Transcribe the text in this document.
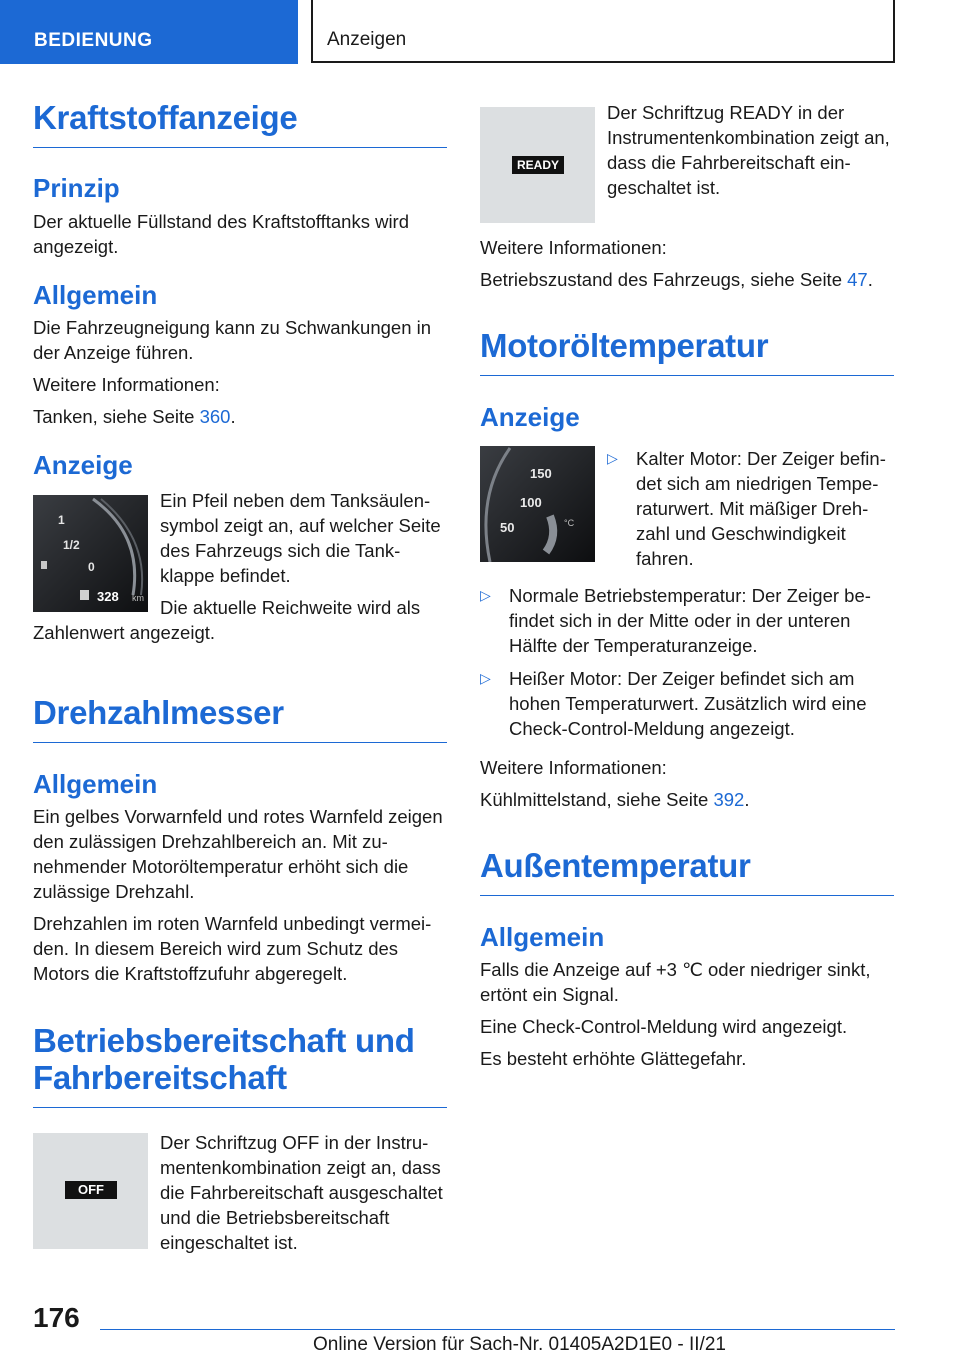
BEDIENUNG	Anzeigen
Kraftstoffanzeige
Prinzip

Der aktuelle Füllstand des Kraftstofftanks wird angezeigt.

Allgemein

Die Fahrzeugneigung kann zu Schwankungen in der Anzeige führen.

Weitere Informationen:

Tanken, siehe Seite 360.

Anzeige
1
1/2
0
328 km

Ein Pfeil neben dem Tanksäulensymbol zeigt an, auf welcher Seite des Fahrzeugs sich die Tankklappe befindet.

Die aktuelle Reichweite wird als Zahlenwert angezeigt.

Drehzahlmesser
Allgemein

Ein gelbes Vorwarnfeld und rotes Warnfeld zeigen den zulässigen Drehzahlbereich an. Mit zunehmender Motoröltemperatur erhöht sich die zulässige Drehzahl.

Drehzahlen im roten Warnfeld unbedingt vermeiden. In diesem Bereich wird zum Schutz des Motors die Kraftstoffzufuhr abgeregelt.

Betriebsbereitschaft und Fahrbereitschaft
OFF

Der Schriftzug OFF in der Instrumentenkombination zeigt an, dass die Fahrbereitschaft ausgeschaltet und die Betriebsbereitschaft eingeschaltet ist.

READY

Der Schriftzug READY in der Instrumentenkombination zeigt an, dass die Fahrbereitschaft eingeschaltet ist.

Weitere Informationen:

Betriebszustand des Fahrzeugs, siehe Seite 47.

Motoröltemperatur
Anzeige
150
100
50	°C
▷ Kalter Motor: Der Zeiger befindet sich am niedrigen Temperaturwert. Mit mäßiger Drehzahl und Geschwindigkeit fahren.
▷ Normale Betriebstemperatur: Der Zeiger befindet sich in der Mitte oder in der unteren Hälfte der Temperaturanzeige.
▷ Heißer Motor: Der Zeiger befindet sich am hohen Temperaturwert. Zusätzlich wird eine Check-Control-Meldung angezeigt.

Weitere Informationen:

Kühlmittelstand, siehe Seite 392.

Außentemperatur
Allgemein

Falls die Anzeige auf +3 ℃ oder niedriger sinkt, ertönt ein Signal.

Eine Check-Control-Meldung wird angezeigt.

Es besteht erhöhte Glättegefahr.

176
Online Version für Sach-Nr. 01405A2D1E0 - II/21
